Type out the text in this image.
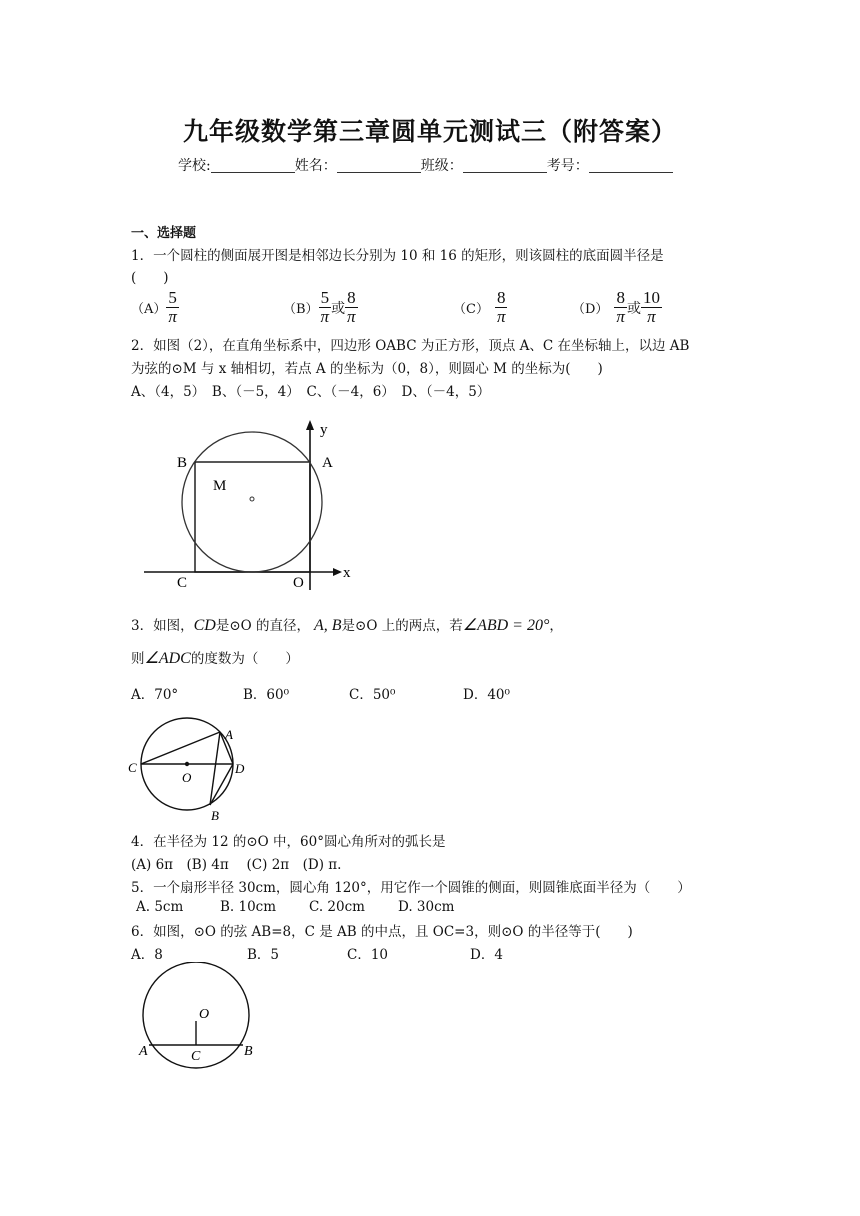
九年级数学第三章圆单元测试三（附答案）
学校:	姓名：	班级：	考号：
一、选择题
1．一个圆柱的侧面展开图是相邻边长分别为 10 和 16 的矩形，则该圆柱的底面圆半径是
(　　)
$(A) \frac{5}{\pi}$	$(B) \frac{5}{\pi}$ 或 $\frac{8}{\pi}$	$(C) \frac{8}{\pi}$	$(D) \frac{8}{\pi}$ 或 $\frac{10}{\pi}$
2．如图（2），在直角坐标系中，四边形 OABC 为正方形，顶点 A、C 在坐标轴上，以边 AB
为弦的⊙M 与 x 轴相切，若点 A 的坐标为（0，8），则圆心 M 的坐标为(　　)
A、（4，5）　B、（－5，4）　C、（－4，6）　D、（－4，5）
y
x
B	A
M
C	O
3．如图， CD 是⊙O 的直径， A, B 是⊙O 上的两点，若 ∠ABD = 20° ，
则 ∠ADC 的度数为（　　）
A．70°	B．60⁰	C．50⁰	D．40⁰
A
C
O
D
B
4．在半径为 12 的⊙O 中，60°圆心角所对的弧长是
(A) 6π　(B) 4π　 (C) 2π　(D) π.
5．一个扇形半径 30cm，圆心角 120°，用它作一个圆锥的侧面，则圆锥底面半径为（　　）
A. 5cm	B. 10cm C. 20cm D. 30cm
6．如图，⊙O 的弦 AB=8，C 是 AB 的中点，且 OC=3，则⊙O 的半径等于(　　)
A．8	B．5	C．10	D．4
O
A	C	B
